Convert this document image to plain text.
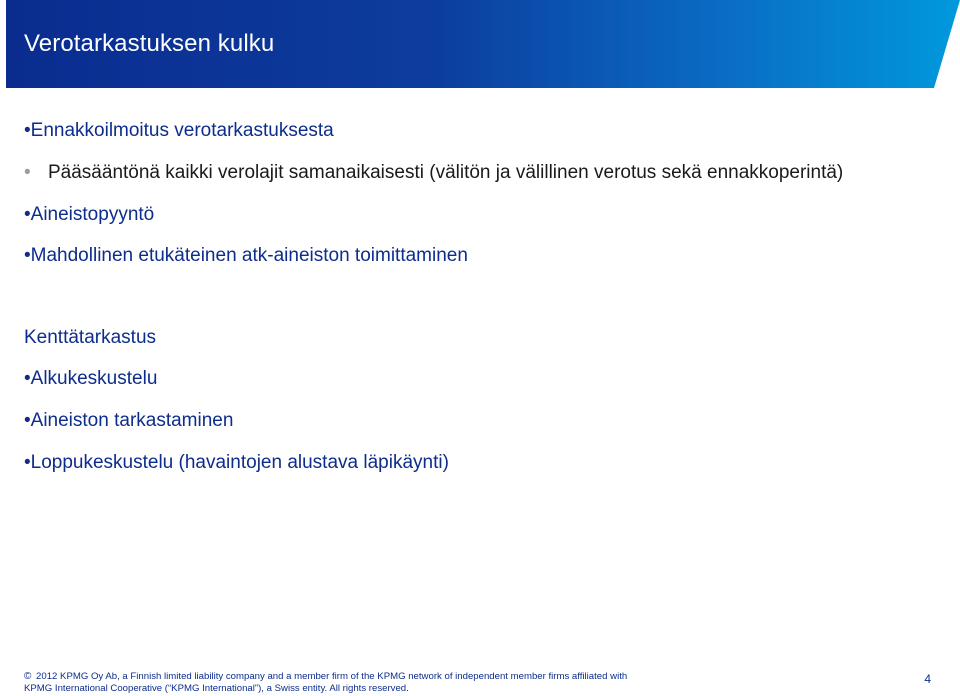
Verotarkastuksen kulku
•Ennakkoilmoitus verotarkastuksesta
• Pääsääntönä kaikki verolajit samanaikaisesti (välitön ja välillinen verotus sekä ennakkoperintä)
•Aineistopyyntö
•Mahdollinen etukäteinen atk-aineiston toimittaminen
Kenttätarkastus
•Alkukeskustelu
•Aineiston tarkastaminen
•Loppukeskustelu (havaintojen alustava läpikäynti)
© 2012 KPMG Oy Ab, a Finnish limited liability company and a member firm of the KPMG network of independent member firms affiliated with
KPMG International Cooperative (“KPMG International”), a Swiss entity. All rights reserved.
4
